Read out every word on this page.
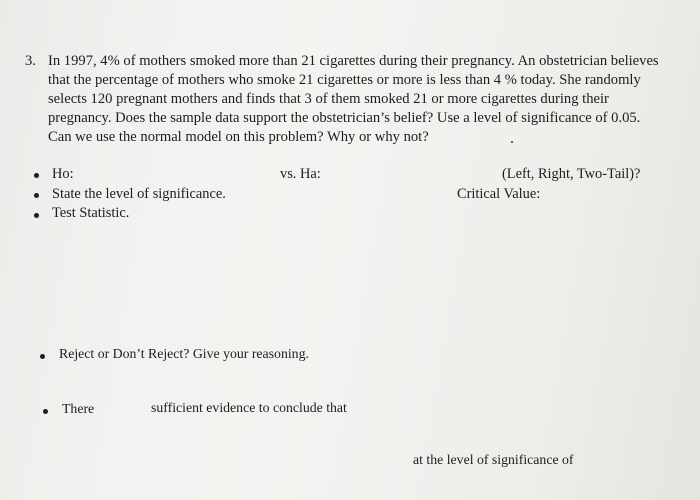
3. In 1997, 4% of mothers smoked more than 21 cigarettes during their pregnancy. An obstetrician believes
that the percentage of mothers who smoke 21 cigarettes or more is less than 4 % today. She randomly
selects 120 pregnant mothers and finds that 3 of them smoked 21 or more cigarettes during their
pregnancy. Does the sample data support the obstetrician’s belief? Use a level of significance of 0.05.
Can we use the normal model on this problem? Why or why not?
Ho:	vs. Ha:	(Left, Right, Two-Tail)?
State the level of significance.	Critical Value:
Test Statistic.
Reject or Don’t Reject? Give your reasoning.
There	sufficient evidence to conclude that
at the level of significance of
